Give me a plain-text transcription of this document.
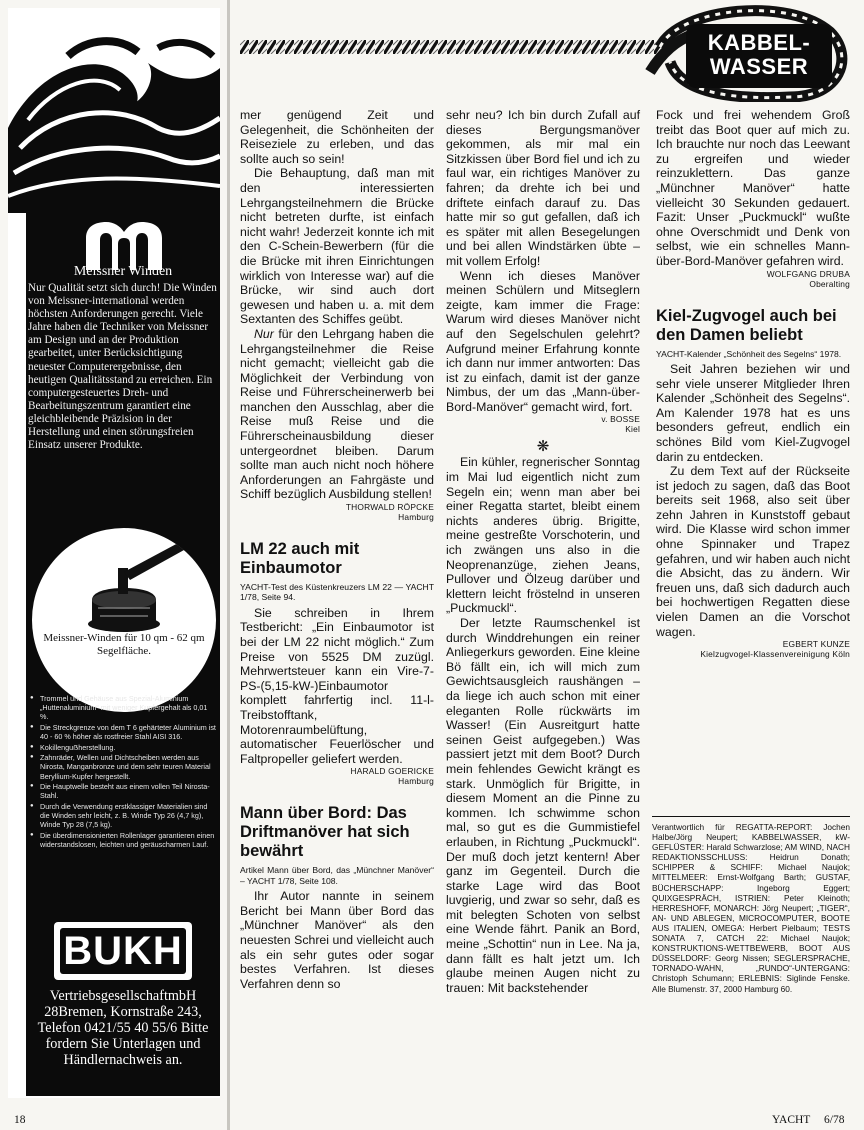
Meissner Winden
Nur Qualität setzt sich durch! Die Winden von Meissner-international werden höchsten Anforderungen gerecht. Viele Jahre haben die Techniker von Meissner am Design und an der Produktion gearbeitet, unter Berücksichtigung neuester Computerergebnisse, den heutigen Qualitätsstand zu erreichen. Ein computergesteuertes Dreh- und Bearbeitungszentrum garantiert eine gleichbleibende Präzision in der Herstellung und einen störungsfreien Einsatz unserer Produkte.
Meissner-Winden für 10 qm - 62 qm Segelfläche.
● Trommel und Gehäuse aus Spezial-Aluminium „Huttenaluminium“ mit weniger Kupfergehalt als 0,01 %.
● Die Streckgrenze von dem T 6 gehärteter Aluminium ist 40 - 60 % höher als rostfreier Stahl AISI 316.
● Kokillenguẞherstellung.
● Zahnräder, Wellen und Dichtscheiben werden aus Nirosta, Manganbronze und dem sehr teuren Material Beryllium-Kupfer hergestellt.
● Die Hauptwelle besteht aus einem vollen Teil Nirosta-Stahl.
● Durch die Verwendung erstklassiger Materialien sind die Winden sehr leicht, z. B. Winde Typ 26 (4,7 kg), Winde Typ 28 (7,5 kg).
● Die überdimensionierten Rollenlager garantieren einen widerstandslosen, leichten und geräuscharmen Lauf.
BUKH
VertriebsgesellschaftmbH 28Bremen, Kornstraße 243, Telefon 0421/55 40 55/6 Bitte fordern Sie Unterlagen und Händlernachweis an.
KABBEL-
WASSER

mer genügend Zeit und Gelegenheit, die Schönheiten der Reiseziele zu erleben, und das sollte auch so sein!

Die Behauptung, daß man mit den interessierten Lehrgangsteilnehmern die Brücke nicht betreten durfte, ist einfach nicht wahr! Jederzeit konnte ich mit den C-Schein-Bewerbern (für die die Brücke mit ihren Einrichtungen wirklich von Interesse war) auf die Brücke, wir sind auch dort gewesen und haben u. a. mit dem Sextanten des Schiffes geübt.

Nur für den Lehrgang haben die Lehrgangsteilnehmer die Reise nicht gemacht; vielleicht gab die Möglichkeit der Verbindung von Reise und Führerscheinerwerb bei manchen den Ausschlag, aber die Reise muß Reise und die Führerscheinausbildung dieser untergeordnet bleiben. Darum sollte man auch nicht noch höhere Anforderungen an Fahrgäste und Schiff bezüglich Ausbildung stellen!

THORWALD RÖPCKE
Hamburg
LM 22 auch mit Einbaumotor

YACHT-Test des Küstenkreuzers LM 22 — YACHT 1/78, Seite 94.

Sie schreiben in Ihrem Testbericht: „Ein Einbaumotor ist bei der LM 22 nicht möglich.“ Zum Preise von 5525 DM zuzügl. Mehrwertsteuer kann ein Vire-7-PS-(5,15-kW-)Einbaumotor komplett fahrfertig incl. 11-l-Treibstofftank, Motorenraumbelüftung, automatischer Feuerlöscher und Faltpropeller geliefert werden.

HARALD GOERICKE
Hamburg
Mann über Bord: Das Driftmanöver hat sich bewährt

Artikel Mann über Bord, das „Münchner Manöver“ – YACHT 1/78, Seite 108.

Ihr Autor nannte in seinem Bericht bei Mann über Bord das „Münchner Manöver“ als den neuesten Schrei und vielleicht auch als ein sehr gutes oder sogar bestes Verfahren. Ist dieses Verfahren denn so

sehr neu? Ich bin durch Zufall auf dieses Bergungsmanöver gekommen, als mir mal ein Sitzkissen über Bord fiel und ich zu faul war, ein richtiges Manöver zu fahren; da drehte ich bei und driftete einfach darauf zu. Das hatte mir so gut gefallen, daß ich es später mit allen Besegelungen und bei allen Windstärken übte – mit vollem Erfolg!

Wenn ich dieses Manöver meinen Schülern und Mitseglern zeigte, kam immer die Frage: Warum wird dieses Manöver nicht auf den Segelschulen gelehrt? Aufgrund meiner Erfahrung konnte ich dann nur immer antworten: Das ist zu einfach, damit ist der ganze Nimbus, der um das „Mann-über-Bord-Manöver“ gemacht wird, fort.

v. BOSSE
Kiel
❋

Ein kühler, regnerischer Sonntag im Mai lud eigentlich nicht zum Segeln ein; wenn man aber bei einer Regatta startet, bleibt einem nichts anderes übrig. Brigitte, meine gestreßte Vorschoterin, und ich zwängen uns also in die Neoprenanzüge, ziehen Jeans, Pullover und Ölzeug darüber und klettern leicht fröstelnd in unseren „Puckmuckl“.

Der letzte Raumschenkel ist durch Winddrehungen ein reiner Anliegerkurs geworden. Eine kleine Bö fällt ein, ich will mich zum Gewichtsausgleich raushängen – da liege ich auch schon mit einer eleganten Rolle rückwärts im Wasser! (Ein Ausreitgurt hatte seinen Geist aufgegeben.) Was passiert jetzt mit dem Boot? Durch mein fehlendes Gewicht krängt es stark. Unmöglich für Brigitte, in diesem Moment an die Pinne zu kommen. Ich schwimme schon mal, so gut es die Gummistiefel erlauben, in Richtung „Puckmuckl“. Der muß doch jetzt kentern! Aber ganz im Gegenteil. Durch die starke Lage wird das Boot luvgierig, und zwar so sehr, daß es mit belegten Schoten von selbst eine Wende fährt. Panik an Bord, meine „Schottin“ nun in Lee. Na ja, dann fällt es halt jetzt um. Ich glaube meinen Augen nicht zu trauen: Mit backstehender

Fock und frei wehendem Groß treibt das Boot quer auf mich zu. Ich brauchte nur noch das Leewant zu ergreifen und wieder reinzuklettern. Das ganze „Münchner Manöver“ hatte vielleicht 30 Sekunden gedauert. Fazit: Unser „Puckmuckl“ wußte ohne Overschmidt und Denk von selbst, wie ein schnelles Mann-über-Bord-Manöver gefahren wird.

WOLFGANG DRUBA
Oberalting
Kiel-Zugvogel auch bei den Damen beliebt

YACHT-Kalender „Schönheit des Segelns“ 1978.

Seit Jahren beziehen wir und sehr viele unserer Mitglieder Ihren Kalender „Schönheit des Segelns“. Am Kalender 1978 hat es uns besonders gefreut, endlich ein schönes Bild vom Kiel-Zugvogel darin zu entdecken.

Zu dem Text auf der Rückseite ist jedoch zu sagen, daß das Boot bereits seit 1968, also seit über zehn Jahren in Kunststoff gebaut wird. Die Klasse wird schon immer ohne Spinnaker und Trapez gefahren, und wir haben auch nicht die Absicht, das zu ändern. Wir freuen uns, daß sich dadurch auch bei hochwertigen Regatten diese vielen Damen an die Vorschot wagen.

EGBERT KUNZE
Kielzugvogel-Klassenvereinigung Köln
Verantwortlich für REGATTA-REPORT: Jochen Halbe/Jörg Neupert; KABBELWASSER, kW-GEFLÜSTER: Harald Schwarzlose; AM WIND, NACH REDAKTIONSSCHLUSS: Heidrun Donath; SCHIPPER & SCHIFF: Michael Naujok; MITTELMEER: Ernst-Wolfgang Barth; GUSTAF, BÜCHERSCHAPP: Ingeborg Eggert; QUIXGESPRÄCH, ISTRIEN: Peter Kleinoth; HERRESHOFF, MONARCH: Jörg Neupert; „TIGER“, AN- UND ABLEGEN, MICROCOMPUTER, BOOTE AUS ITALIEN, OMEGA: Herbert Pielbaum; TESTS SONATA 7, CATCH 22: Michael Naujok; KONSTRUKTIONS-WETTBEWERB, BOOT AUS DÜSSELDORF: Georg Nissen; SEGLERSPRACHE, TORNADO-WAHN, „RUNDO“-UNTERGANG: Christoph Schumann; ERLEBNIS: Siglinde Fenske. Alle Blumenstr. 37, 2000 Hamburg 60.
18	YACHT 6/78
